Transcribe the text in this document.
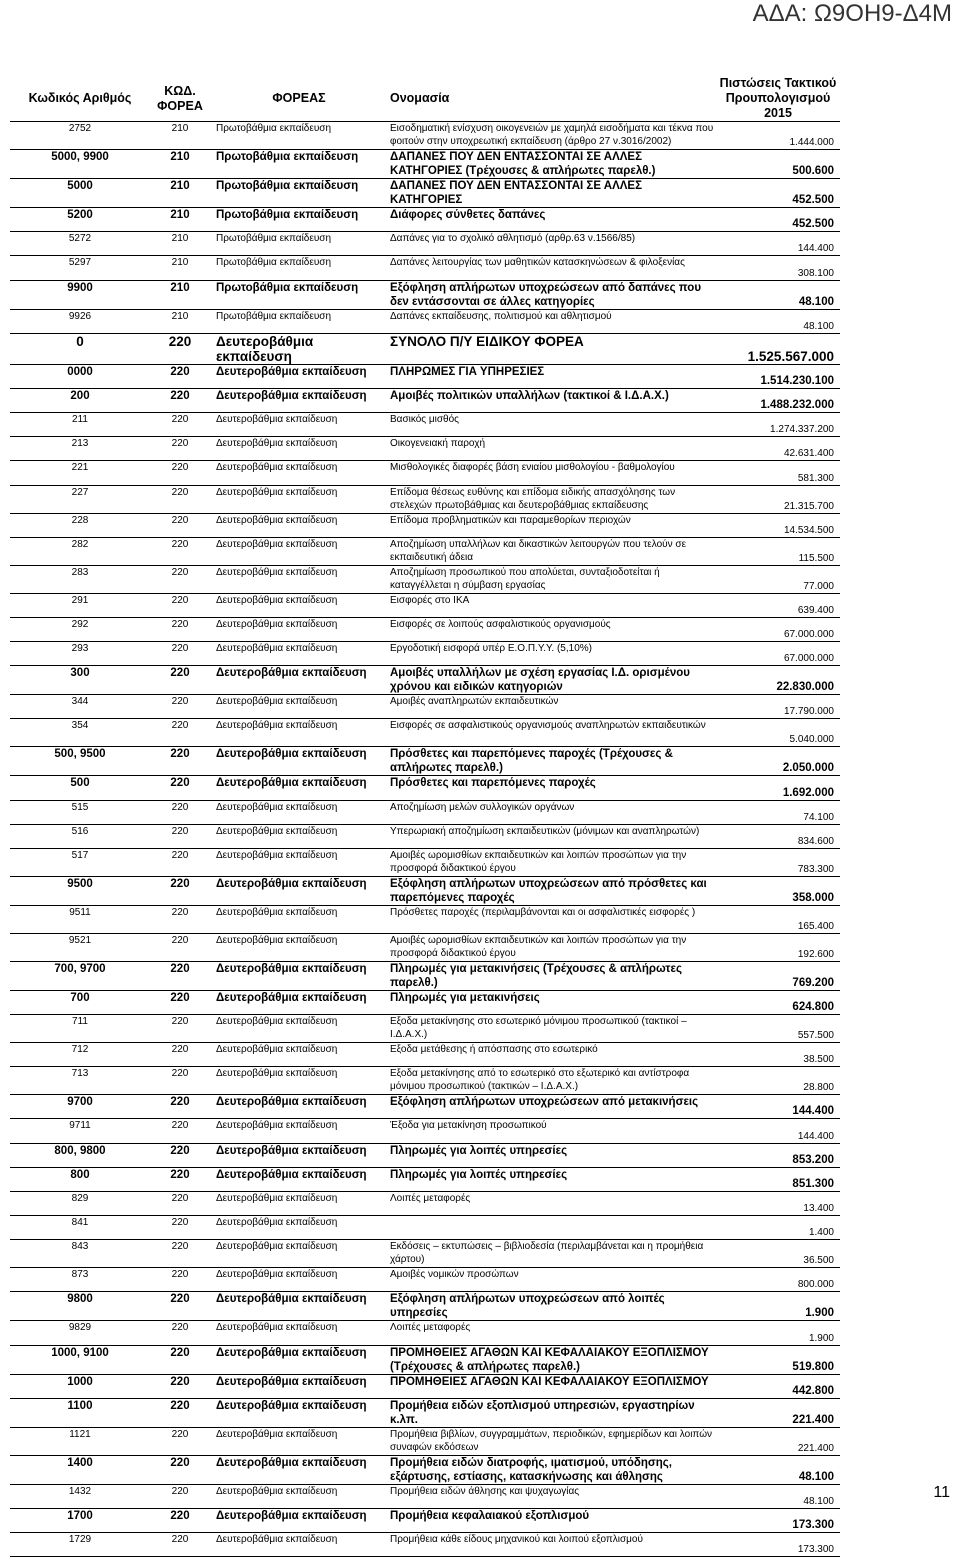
ΑΔΑ: Ω9ΟΗ9-Δ4Μ
Κωδικός Αριθμός	ΚΩΔ. ΦΟΡΕΑ	ΦΟΡΕΑΣ	Ονομασία	Πιστώσεις Τακτικού Προυπολογισμού 2015
2752	210	Πρωτοβάθμια εκπαίδευση	Εισοδηματική ενίσχυση οικογενειών με χαμηλά εισοδήματα και τέκνα που φοιτούν στην υποχρεωτική εκπαίδευση (άρθρο 27 ν.3016/2002)	1.444.000
5000, 9900	210	Πρωτοβάθμια εκπαίδευση	ΔΑΠΑΝΕΣ ΠΟΥ ΔΕΝ ΕΝΤΑΣΣΟΝΤΑΙ ΣΕ ΑΛΛΕΣ ΚΑΤΗΓΟΡΙΕΣ (Τρέχουσες & απλήρωτες παρελθ.)	500.600
5000	210	Πρωτοβάθμια εκπαίδευση	ΔΑΠΑΝΕΣ ΠΟΥ ΔΕΝ ΕΝΤΑΣΣΟΝΤΑΙ ΣΕ ΑΛΛΕΣ ΚΑΤΗΓΟΡΙΕΣ	452.500
5200	210	Πρωτοβάθμια εκπαίδευση	Διάφορες σύνθετες δαπάνες	452.500
5272	210	Πρωτοβάθμια εκπαίδευση	Δαπάνες για το σχολικό αθλητισμό (αρθρ.63 ν.1566/85)	144.400
5297	210	Πρωτοβάθμια εκπαίδευση	Δαπάνες λειτουργίας των μαθητικών κατασκηνώσεων & φιλοξενίας	308.100
9900	210	Πρωτοβάθμια εκπαίδευση	Εξόφληση απλήρωτων υποχρεώσεων από δαπάνες που δεν εντάσσονται σε άλλες κατηγορίες	48.100
9926	210	Πρωτοβάθμια εκπαίδευση	Δαπάνες εκπαίδευσης, πολιτισμού και αθλητισμού	48.100
0	220	Δευτεροβάθμια εκπαίδευση	ΣΥΝΟΛΟ Π/Υ ΕΙΔΙΚΟΥ ΦΟΡΕΑ	1.525.567.000
0000	220	Δευτεροβάθμια εκπαίδευση	ΠΛΗΡΩΜΕΣ ΓΙΑ ΥΠΗΡΕΣΙΕΣ	1.514.230.100
200	220	Δευτεροβάθμια εκπαίδευση	Αμοιβές πολιτικών υπαλλήλων (τακτικοί & Ι.Δ.Α.Χ.)	1.488.232.000
211	220	Δευτεροβάθμια εκπαίδευση	Βασικός μισθός	1.274.337.200
213	220	Δευτεροβάθμια εκπαίδευση	Οικογενειακή παροχή	42.631.400
221	220	Δευτεροβάθμια εκπαίδευση	Μισθολογικές διαφορές βάση ενιαίου μισθολογίου - βαθμολογίου	581.300
227	220	Δευτεροβάθμια εκπαίδευση	Επίδομα θέσεως ευθύνης και επίδομα ειδικής απασχόλησης των στελεχών πρωτοβάθμιας και δευτεροβάθμιας εκπαίδευσης	21.315.700
228	220	Δευτεροβάθμια εκπαίδευση	Επίδομα προβληματικών και παραμεθορίων περιοχών	14.534.500
282	220	Δευτεροβάθμια εκπαίδευση	Αποζημίωση υπαλλήλων και δικαστικών λειτουργών που τελούν σε εκπαιδευτική άδεια	115.500
283	220	Δευτεροβάθμια εκπαίδευση	Αποζημίωση προσωπικού που απολύεται, συνταξιοδοτείται ή καταγγέλλεται η σύμβαση εργασίας	77.000
291	220	Δευτεροβάθμια εκπαίδευση	Εισφορές στο ΙΚΑ	639.400
292	220	Δευτεροβάθμια εκπαίδευση	Εισφορές σε λοιπούς ασφαλιστικούς οργανισμούς	67.000.000
293	220	Δευτεροβάθμια εκπαίδευση	Εργοδοτική εισφορά υπέρ Ε.Ο.Π.Υ.Υ. (5,10%)	67.000.000
300	220	Δευτεροβάθμια εκπαίδευση	Αμοιβές υπαλλήλων με σχέση εργασίας Ι.Δ. ορισμένου χρόνου και ειδικών κατηγοριών	22.830.000
344	220	Δευτεροβάθμια εκπαίδευση	Αμοιβές αναπληρωτών εκπαιδευτικών	17.790.000
354	220	Δευτεροβάθμια εκπαίδευση	Εισφορές σε ασφαλιστικούς οργανισμούς αναπληρωτών εκπαιδευτικών	5.040.000
500, 9500	220	Δευτεροβάθμια εκπαίδευση	Πρόσθετες και παρεπόμενες παροχές (Τρέχουσες & απλήρωτες παρελθ.)	2.050.000
500	220	Δευτεροβάθμια εκπαίδευση	Πρόσθετες και παρεπόμενες παροχές	1.692.000
515	220	Δευτεροβάθμια εκπαίδευση	Αποζημίωση μελών συλλογικών οργάνων	74.100
516	220	Δευτεροβάθμια εκπαίδευση	Υπερωριακή αποζημίωση εκπαιδευτικών (μόνιμων και αναπληρωτών)	834.600
517	220	Δευτεροβάθμια εκπαίδευση	Αμοιβές ωρομισθίων εκπαιδευτικών και λοιπών προσώπων για την προσφορά διδακτικού έργου	783.300
9500	220	Δευτεροβάθμια εκπαίδευση	Εξόφληση απλήρωτων υποχρεώσεων από πρόσθετες και παρεπόμενες παροχές	358.000
9511	220	Δευτεροβάθμια εκπαίδευση	Πρόσθετες παροχές (περιλαμβάνονται και οι ασφαλιστικές εισφορές )	165.400
9521	220	Δευτεροβάθμια εκπαίδευση	Αμοιβές ωρομισθίων εκπαιδευτικών και λοιπών προσώπων για την προσφορά διδακτικού έργου	192.600
700, 9700	220	Δευτεροβάθμια εκπαίδευση	Πληρωμές για μετακινήσεις (Τρέχουσες & απλήρωτες παρελθ.)	769.200
700	220	Δευτεροβάθμια εκπαίδευση	Πληρωμές για μετακινήσεις	624.800
711	220	Δευτεροβάθμια εκπαίδευση	Εξοδα μετακίνησης στο εσωτερικό μόνιμου προσωπικού (τακτικοί – Ι.Δ.Α.Χ.)	557.500
712	220	Δευτεροβάθμια εκπαίδευση	Εξοδα μετάθεσης ή απόσπασης στο εσωτερικό	38.500
713	220	Δευτεροβάθμια εκπαίδευση	Εξοδα μετακίνησης από το εσωτερικό στο εξωτερικό και αντίστροφα μόνιμου προσωπικού (τακτικών – Ι.Δ.Α.Χ.)	28.800
9700	220	Δευτεροβάθμια εκπαίδευση	Εξόφληση απλήρωτων υποχρεώσεων από μετακινήσεις	144.400
9711	220	Δευτεροβάθμια εκπαίδευση	Έξοδα για μετακίνηση προσωπικού	144.400
800, 9800	220	Δευτεροβάθμια εκπαίδευση	Πληρωμές για λοιπές υπηρεσίες	853.200
800	220	Δευτεροβάθμια εκπαίδευση	Πληρωμές για λοιπές υπηρεσίες	851.300
829	220	Δευτεροβάθμια εκπαίδευση	Λοιπές μεταφορές	13.400
841	220	Δευτεροβάθμια εκπαίδευση		1.400
843	220	Δευτεροβάθμια εκπαίδευση	Εκδόσεις – εκτυπώσεις – βιβλιοδεσία (περιλαμβάνεται και η προμήθεια χάρτου)	36.500
873	220	Δευτεροβάθμια εκπαίδευση	Αμοιβές νομικών προσώπων	800.000
9800	220	Δευτεροβάθμια εκπαίδευση	Εξόφληση απλήρωτων υποχρεώσεων από λοιπές υπηρεσίες	1.900
9829	220	Δευτεροβάθμια εκπαίδευση	Λοιπές μεταφορές	1.900
1000, 9100	220	Δευτεροβάθμια εκπαίδευση	ΠΡΟΜΗΘΕΙΕΣ ΑΓΑΘΩΝ ΚΑΙ ΚΕΦΑΛΑΙΑΚΟΥ ΕΞΟΠΛΙΣΜΟΥ (Τρέχουσες & απλήρωτες παρελθ.)	519.800
1000	220	Δευτεροβάθμια εκπαίδευση	ΠΡΟΜΗΘΕΙΕΣ ΑΓΑΘΩΝ ΚΑΙ ΚΕΦΑΛΑΙΑΚΟΥ ΕΞΟΠΛΙΣΜΟΥ	442.800
1100	220	Δευτεροβάθμια εκπαίδευση	Προμήθεια ειδών εξοπλισμού υπηρεσιών, εργαστηρίων κ.λπ.	221.400
1121	220	Δευτεροβάθμια εκπαίδευση	Προμήθεια βιβλίων, συγγραμμάτων, περιοδικών, εφημερίδων και λοιπών συναφών εκδόσεων	221.400
1400	220	Δευτεροβάθμια εκπαίδευση	Προμήθεια ειδών διατροφής, ιματισμού, υπόδησης, εξάρτυσης, εστίασης, κατασκήνωσης και άθλησης	48.100
1432	220	Δευτεροβάθμια εκπαίδευση	Προμήθεια ειδών άθλησης και ψυχαγωγίας	48.100
1700	220	Δευτεροβάθμια εκπαίδευση	Προμήθεια κεφαλαιακού εξοπλισμού	173.300
1729	220	Δευτεροβάθμια εκπαίδευση	Προμήθεια κάθε είδους μηχανικού και λοιπού εξοπλισμού	173.300
11
